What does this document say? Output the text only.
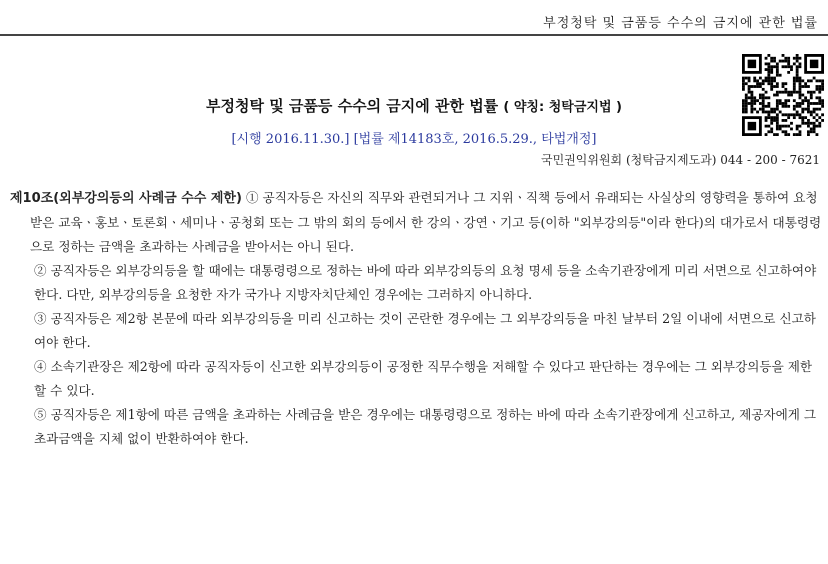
부정청탁 및 금품등 수수의 금지에 관한 법률
부정청탁 및 금품등 수수의 금지에 관한 법률 ( 약칭: 청탁금지법 )
[시행 2016.11.30.] [법률 제14183호, 2016.5.29., 타법개정]
국민권익위원회 (청탁금지제도과) 044 - 200 - 7621
제10조(외부강의등의 사례금 수수 제한) ① 공직자등은 자신의 직무와 관련되거나 그 지위ㆍ직책 등에서 유래되는 사실상의 영향력을 통하여 요청받은 교육ㆍ홍보ㆍ토론회ㆍ세미나ㆍ공청회 또는 그 밖의 회의 등에서 한 강의ㆍ강연ㆍ기고 등(이하 "외부강의등"이라 한다)의 대가로서 대통령령으로 정하는 금액을 초과하는 사례금을 받아서는 아니 된다.
② 공직자등은 외부강의등을 할 때에는 대통령령으로 정하는 바에 따라 외부강의등의 요청 명세 등을 소속기관장에게 미리 서면으로 신고하여야 한다. 다만, 외부강의등을 요청한 자가 국가나 지방자치단체인 경우에는 그러하지 아니하다.
③ 공직자등은 제2항 본문에 따라 외부강의등을 미리 신고하는 것이 곤란한 경우에는 그 외부강의등을 마친 날부터 2일 이내에 서면으로 신고하여야 한다.
④ 소속기관장은 제2항에 따라 공직자등이 신고한 외부강의등이 공정한 직무수행을 저해할 수 있다고 판단하는 경우에는 그 외부강의등을 제한할 수 있다.
⑤ 공직자등은 제1항에 따른 금액을 초과하는 사례금을 받은 경우에는 대통령령으로 정하는 바에 따라 소속기관장에게 신고하고, 제공자에게 그 초과금액을 지체 없이 반환하여야 한다.
